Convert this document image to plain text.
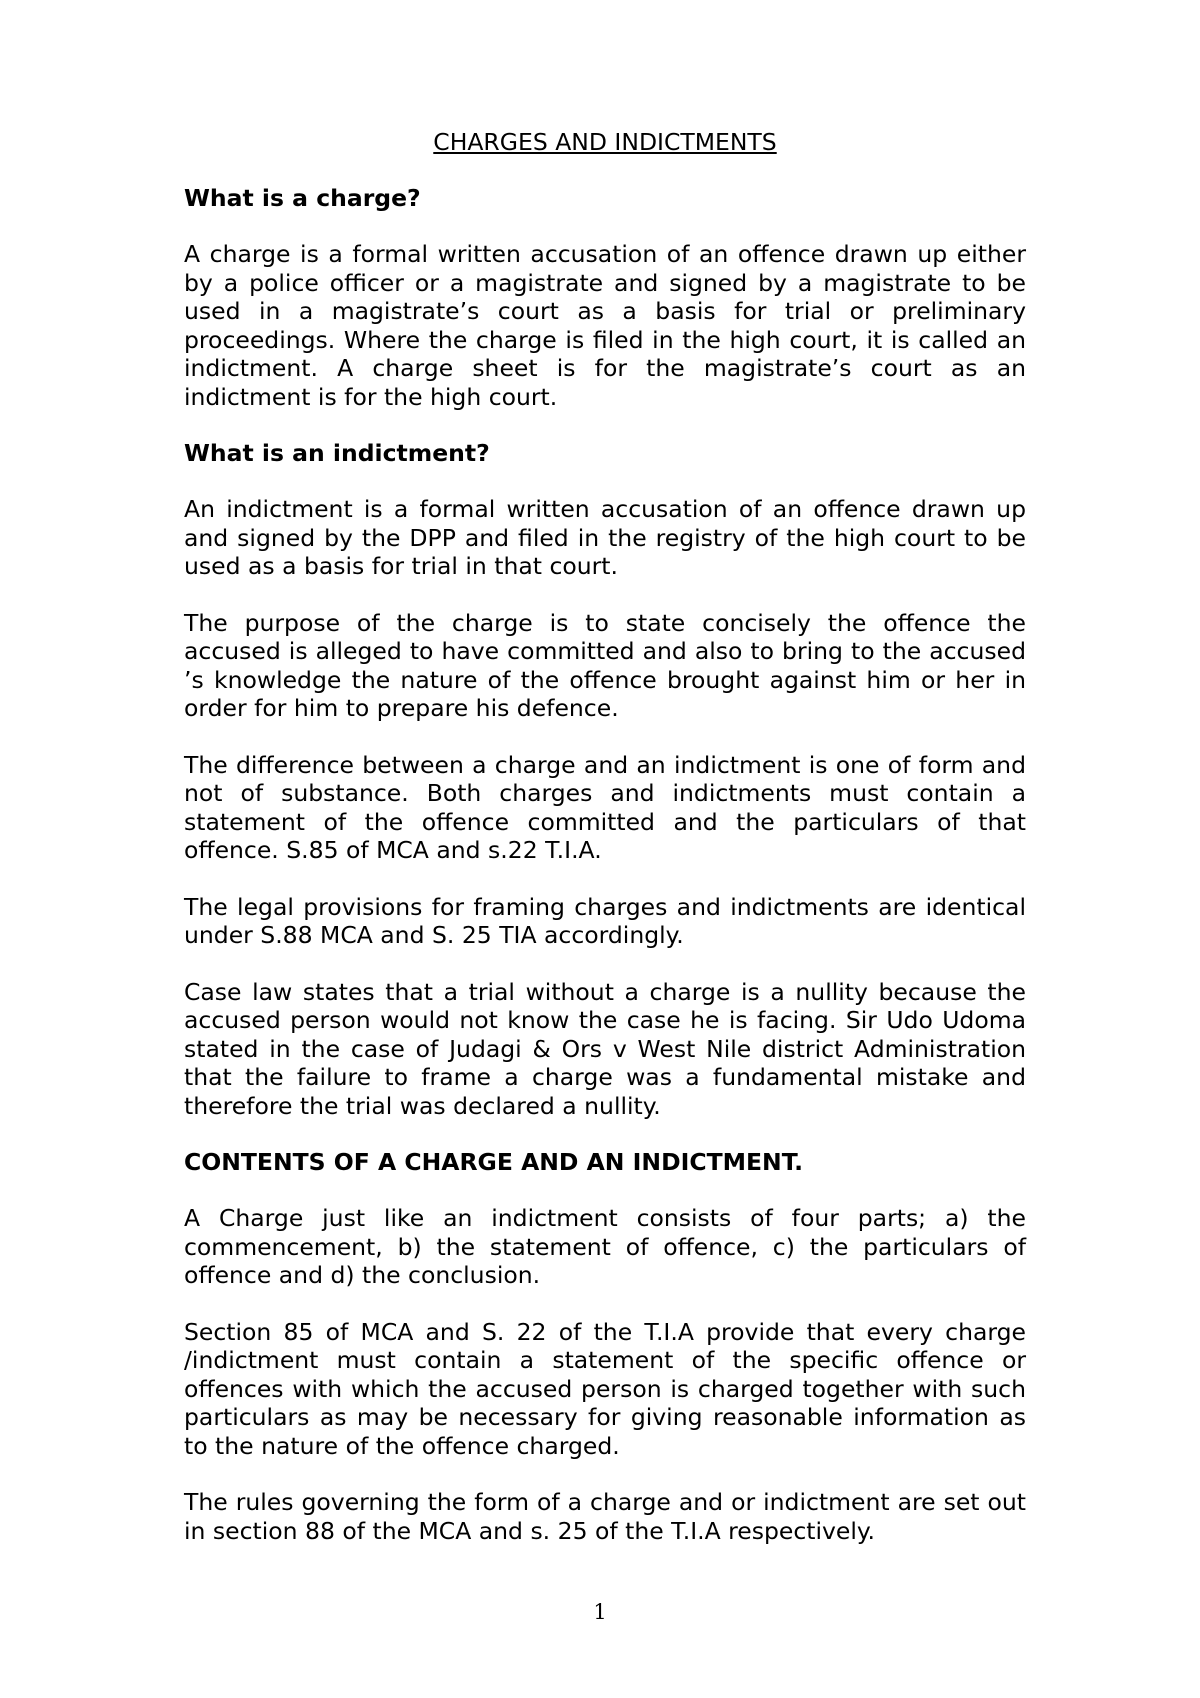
CHARGES AND INDICTMENTS
What is a charge?

A charge is a formal written accusation of an offence drawn up either by a police officer or a magistrate and signed by a magistrate to be used in a magistrate’s court as a basis for trial or preliminary proceedings. Where the charge is filed in the high court, it is called an indictment. A charge sheet is for the magistrate’s court as an indictment is for the high court.

What is an indictment?

An indictment is a formal written accusation of an offence drawn up and signed by the DPP and filed in the registry of the high court to be used as a basis for trial in that court.

The purpose of the charge is to state concisely the offence the accused is alleged to have committed and also to bring to the accused ’s knowledge the nature of the offence brought against him or her in order for him to prepare his defence.

The difference between a charge and an indictment is one of form and not of substance. Both charges and indictments must contain a statement of the offence committed and the particulars of that offence. S.85 of MCA and s.22 T.I.A.

The legal provisions for framing charges and indictments are identical under S.88 MCA and S. 25 TIA accordingly.

Case law states that a trial without a charge is a nullity because the accused person would not know the case he is facing. Sir Udo Udoma stated in the case of Judagi & Ors v West Nile district Administration that the failure to frame a charge was a fundamental mistake and therefore the trial was declared a nullity.

CONTENTS OF A CHARGE AND AN INDICTMENT.

A Charge just like an indictment consists of four parts; a) the commencement, b) the statement of offence, c) the particulars of offence and d) the conclusion.

Section 85 of MCA and S. 22 of the T.I.A provide that every charge /indictment must contain a statement of the specific offence or offences with which the accused person is charged together with such particulars as may be necessary for giving reasonable information as to the nature of the offence charged.

The rules governing the form of a charge and or indictment are set out in section 88 of the MCA and s. 25 of the T.I.A respectively.

1
